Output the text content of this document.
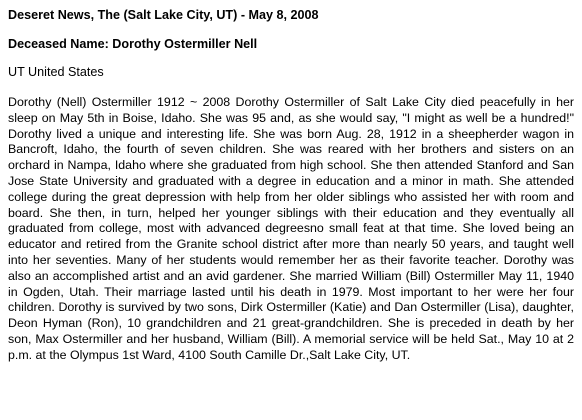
Deseret News, The (Salt Lake City, UT) - May 8, 2008
Deceased Name: Dorothy Ostermiller Nell
UT United States

Dorothy (Nell) Ostermiller 1912 ~ 2008 Dorothy Ostermiller of Salt Lake City died peacefully in her sleep on May 5th in Boise, Idaho. She was 95 and, as she would say, "I might as well be a hundred!" Dorothy lived a unique and interesting life. She was born Aug. 28, 1912 in a sheepherder wagon in Bancroft, Idaho, the fourth of seven children. She was reared with her brothers and sisters on an orchard in Nampa, Idaho where she graduated from high school. She then attended Stanford and San Jose State University and graduated with a degree in education and a minor in math. She attended college during the great depression with help from her older siblings who assisted her with room and board. She then, in turn, helped her younger siblings with their education and they eventually all graduated from college, most with advanced degreesno small feat at that time. She loved being an educator and retired from the Granite school district after more than nearly 50 years, and taught well into her seventies. Many of her students would remember her as their favorite teacher. Dorothy was also an accomplished artist and an avid gardener. She married William (Bill) Ostermiller May 11, 1940 in Ogden, Utah. Their marriage lasted until his death in 1979. Most important to her were her four children. Dorothy is survived by two sons, Dirk Ostermiller (Katie) and Dan Ostermiller (Lisa), daughter, Deon Hyman (Ron), 10 grandchildren and 21 great-grandchildren. She is preceded in death by her son, Max Ostermiller and her husband, William (Bill). A memorial service will be held Sat., May 10 at 2 p.m. at the Olympus 1st Ward, 4100 South Camille Dr.,Salt Lake City, UT.
